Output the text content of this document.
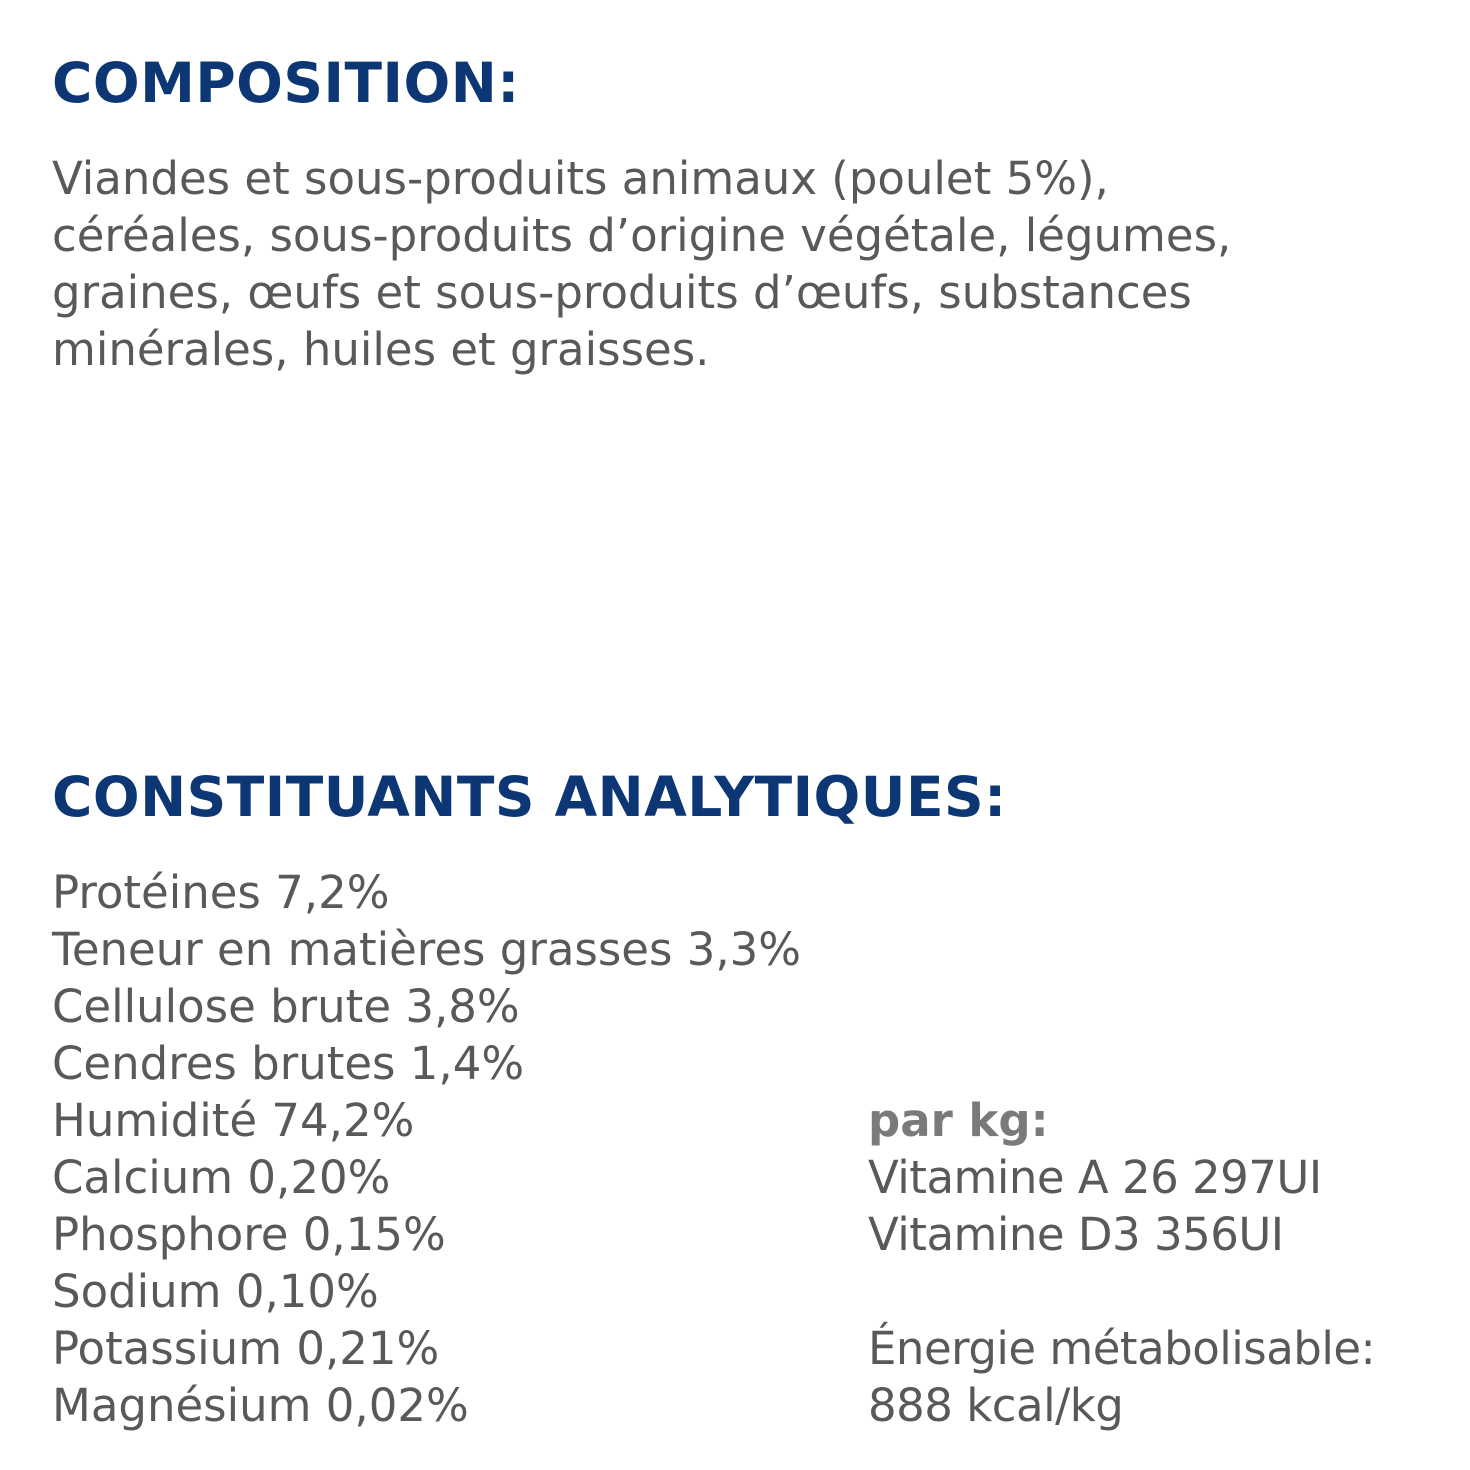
COMPOSITION:

Viandes et sous-produits animaux (poulet 5%),
céréales, sous-produits d’origine végétale, légumes,
graines, œufs et sous-produits d’œufs, substances
minérales, huiles et graisses.

CONSTITUANTS ANALYTIQUES:
Protéines 7,2%
Teneur en matières grasses 3,3%
Cellulose brute 3,8%
Cendres brutes 1,4%
Humidité 74,2%
Calcium 0,20%
Phosphore 0,15%
Sodium 0,10%
Potassium 0,21%
Magnésium 0,02%
par kg:
Vitamine A 26 297UI
Vitamine D3 356UI
Énergie métabolisable:
888 kcal/kg
